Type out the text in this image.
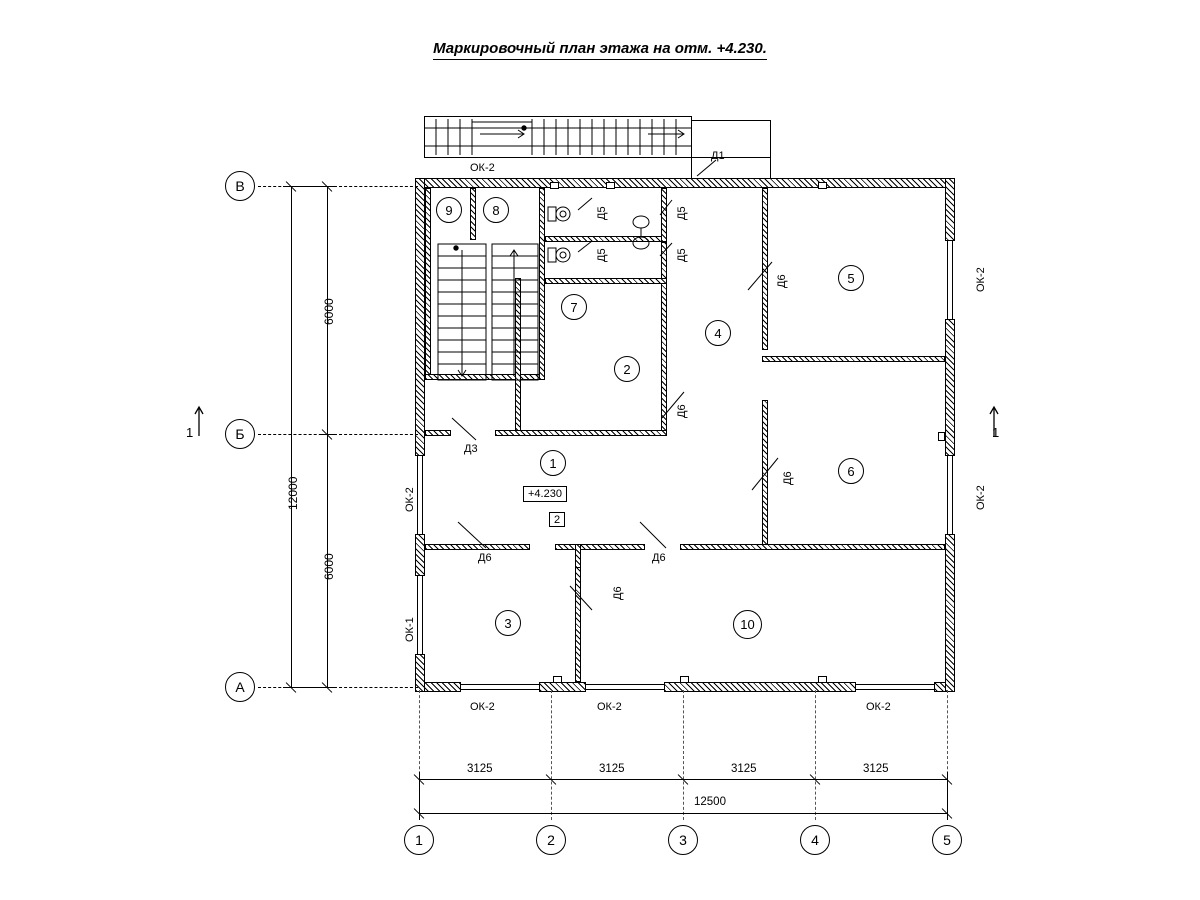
Маркировочный план этажа на отм. +4.230.
9	8
7
2
4
5
6
1
3	10
+4.230
2
Д1
Д5	Д5
Д5	Д5
Д6
Д6
Д6
Д3
Д6
Д6
Д6
ОК-2
ОК-2
ОК-2
ОК-2
ОК-1
ОК-2	ОК-2	ОК-2
В
Б
А
6000
6000
12000
1	1
3125	3125	3125	3125
12500
1	2	3	4	5
